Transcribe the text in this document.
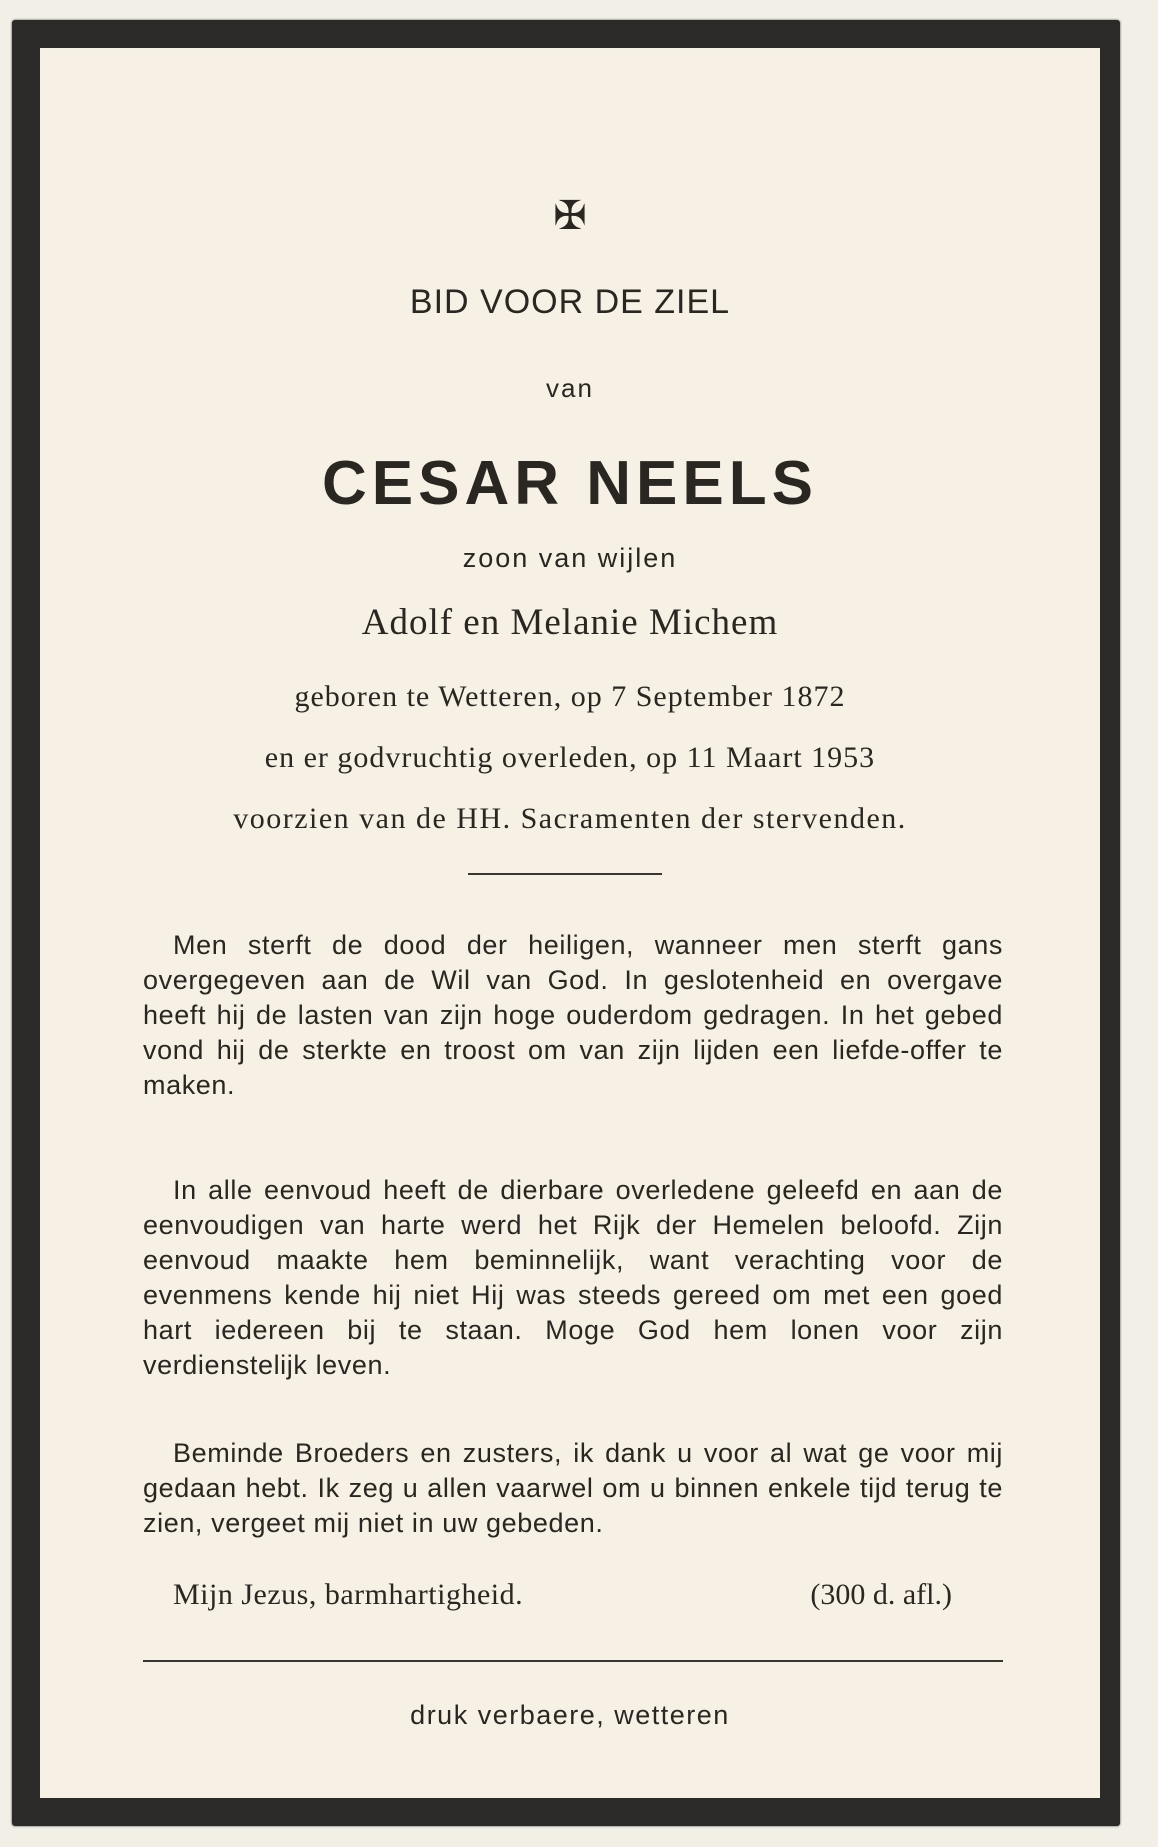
✠
BID VOOR DE ZIEL
van
CESAR NEELS
zoon van wijlen
Adolf en Melanie Michem
geboren te Wetteren, op 7 September 1872
en er godvruchtig overleden, op 11 Maart 1953
voorzien van de HH. Sacramenten der stervenden.
Men sterft de dood der heiligen, wanneer men sterft gans overgegeven aan de Wil van God. In geslotenheid en overgave heeft hij de lasten van zijn hoge ouderdom gedragen. In het gebed vond hij de sterkte en troost om van zijn lijden een liefde-offer te maken.
In alle eenvoud heeft de dierbare overledene geleefd en aan de eenvoudigen van harte werd het Rijk der Hemelen beloofd. Zijn eenvoud maakte hem beminnelijk, want verachting voor de evenmens kende hij niet Hij was steeds gereed om met een goed hart iedereen bij te staan. Moge God hem lonen voor zijn verdienstelijk leven.
Beminde Broeders en zusters, ik dank u voor al wat ge voor mij gedaan hebt. Ik zeg u allen vaarwel om u binnen enkele tijd terug te zien, vergeet mij niet in uw gebeden.
Mijn Jezus, barmhartigheid.	(300 d. afl.)
druk verbaere, wetteren
